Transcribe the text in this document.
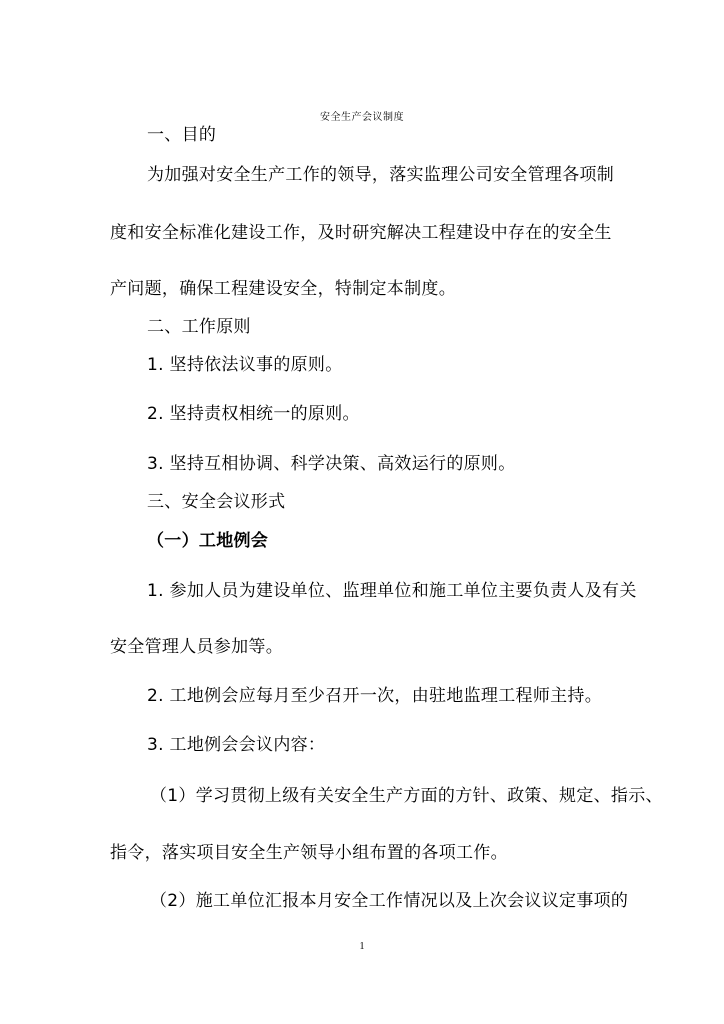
安全生产会议制度

一、目的

为加强对安全生产工作的领导，落实监理公司安全管理各项制

度和安全标准化建设工作，及时研究解决工程建设中存在的安全生

产问题，确保工程建设安全，特制定本制度。

二、工作原则

1. 坚持依法议事的原则。

2. 坚持责权相统一的原则。

3. 坚持互相协调、科学决策、高效运行的原则。

三、安全会议形式

（一）工地例会

1. 参加人员为建设单位、监理单位和施工单位主要负责人及有关

安全管理人员参加等。

2. 工地例会应每月至少召开一次，由驻地监理工程师主持。

3. 工地例会会议内容：

（1）学习贯彻上级有关安全生产方面的方针、政策、规定、指示、

指令，落实项目安全生产领导小组布置的各项工作。

（2）施工单位汇报本月安全工作情况以及上次会议议定事项的

1
